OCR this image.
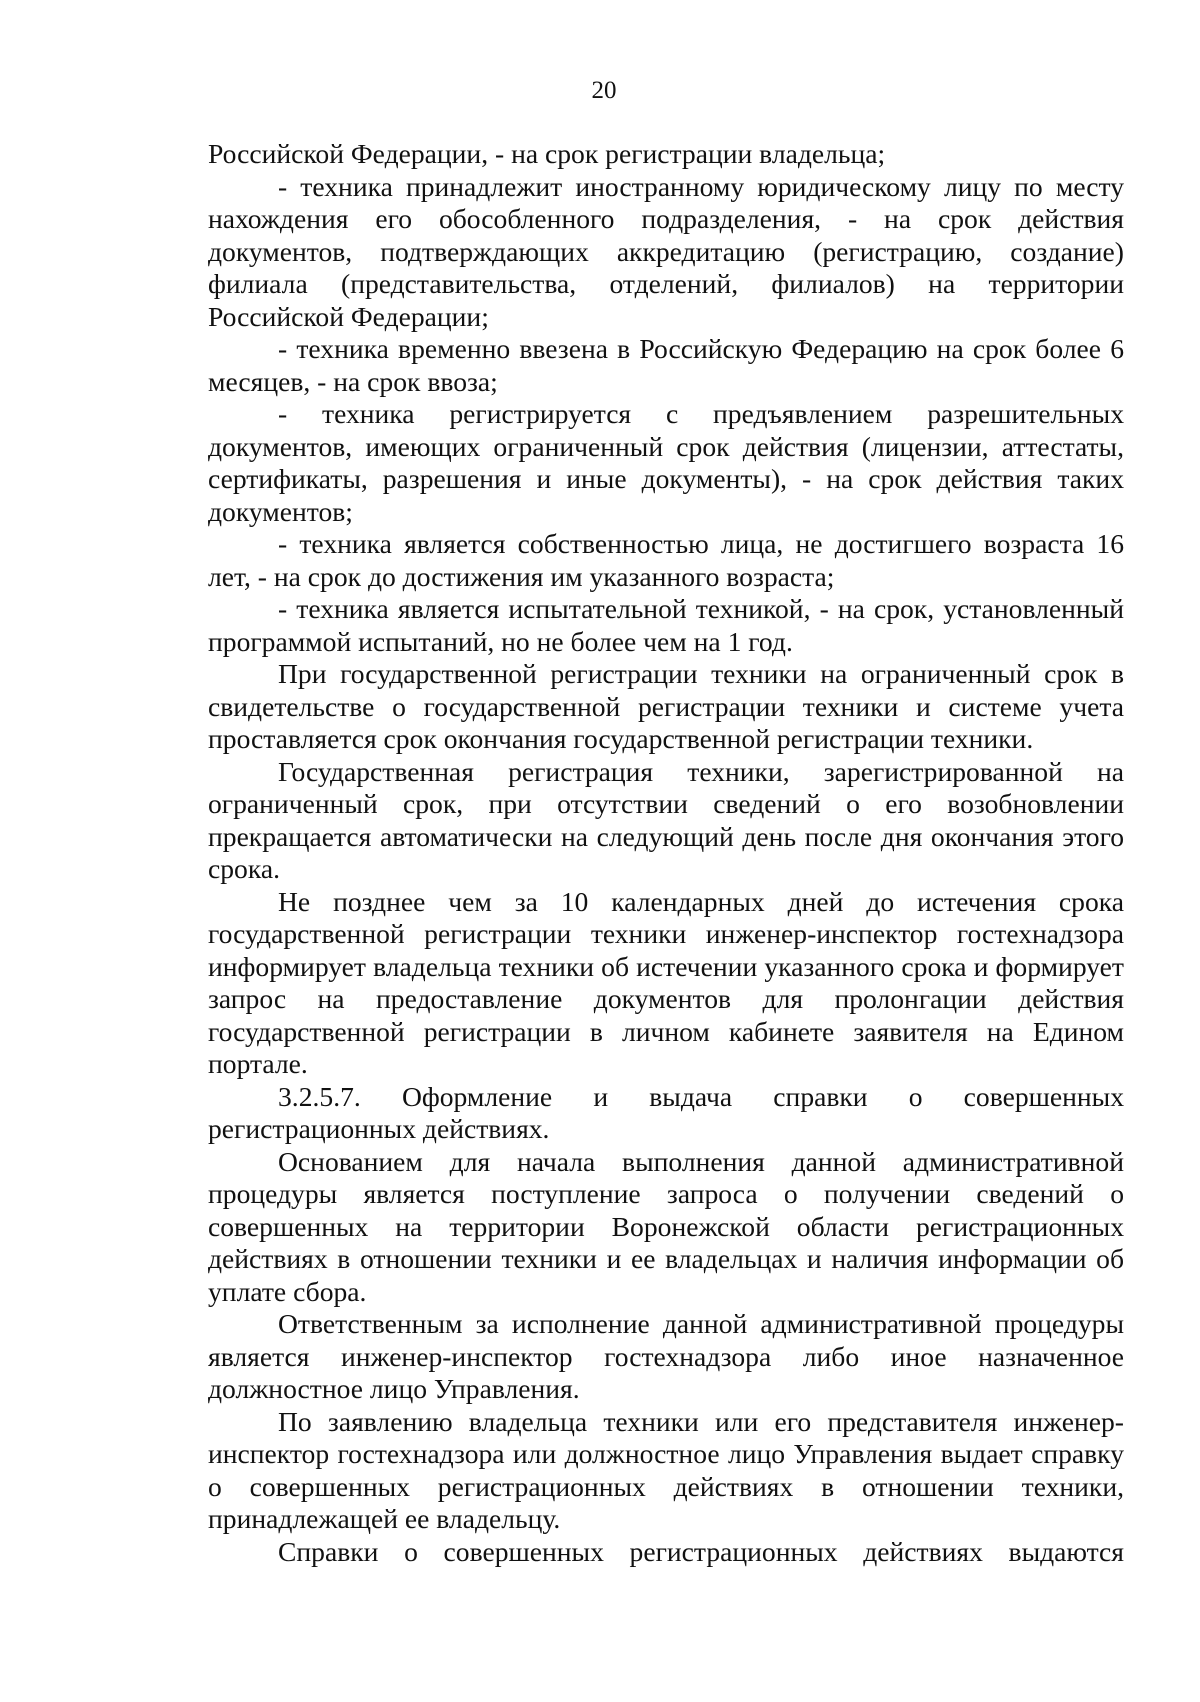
20

Российской Федерации, - на срок регистрации владельца;

- техника принадлежит иностранному юридическому лицу по месту нахождения его обособленного подразделения, - на срок действия документов, подтверждающих аккредитацию (регистрацию, создание) филиала (представительства, отделений, филиалов) на территории Российской Федерации;

- техника временно ввезена в Российскую Федерацию на срок более 6 месяцев, - на срок ввоза;

- техника регистрируется с предъявлением разрешительных документов, имеющих ограниченный срок действия (лицензии, аттестаты, сертификаты, разрешения и иные документы), - на срок действия таких документов;

- техника является собственностью лица, не достигшего возраста 16 лет, - на срок до достижения им указанного возраста;

- техника является испытательной техникой, - на срок, установленный программой испытаний, но не более чем на 1 год.

При государственной регистрации техники на ограниченный срок в свидетельстве о государственной регистрации техники и системе учета проставляется срок окончания государственной регистрации техники.

Государственная регистрация техники, зарегистрированной на ограниченный срок, при отсутствии сведений о его возобновлении прекращается автоматически на следующий день после дня окончания этого срока.

Не позднее чем за 10 календарных дней до истечения срока государственной регистрации техники инженер-инспектор гостехнадзора информирует владельца техники об истечении указанного срока и формирует запрос на предоставление документов для пролонгации действия государственной регистрации в личном кабинете заявителя на Едином портале.

3.2.5.7. Оформление и выдача справки о совершенных регистрационных действиях.

Основанием для начала выполнения данной административной процедуры является поступление запроса о получении сведений о совершенных на территории Воронежской области регистрационных действиях в отношении техники и ее владельцах и наличия информации об уплате сбора.

Ответственным за исполнение данной административной процедуры является инженер-инспектор гостехнадзора либо иное назначенное должностное лицо Управления.

По заявлению владельца техники или его представителя инженер-инспектор гостехнадзора или должностное лицо Управления выдает справку о совершенных регистрационных действиях в отношении техники, принадлежащей ее владельцу.

Справки о совершенных регистрационных действиях выдаются
